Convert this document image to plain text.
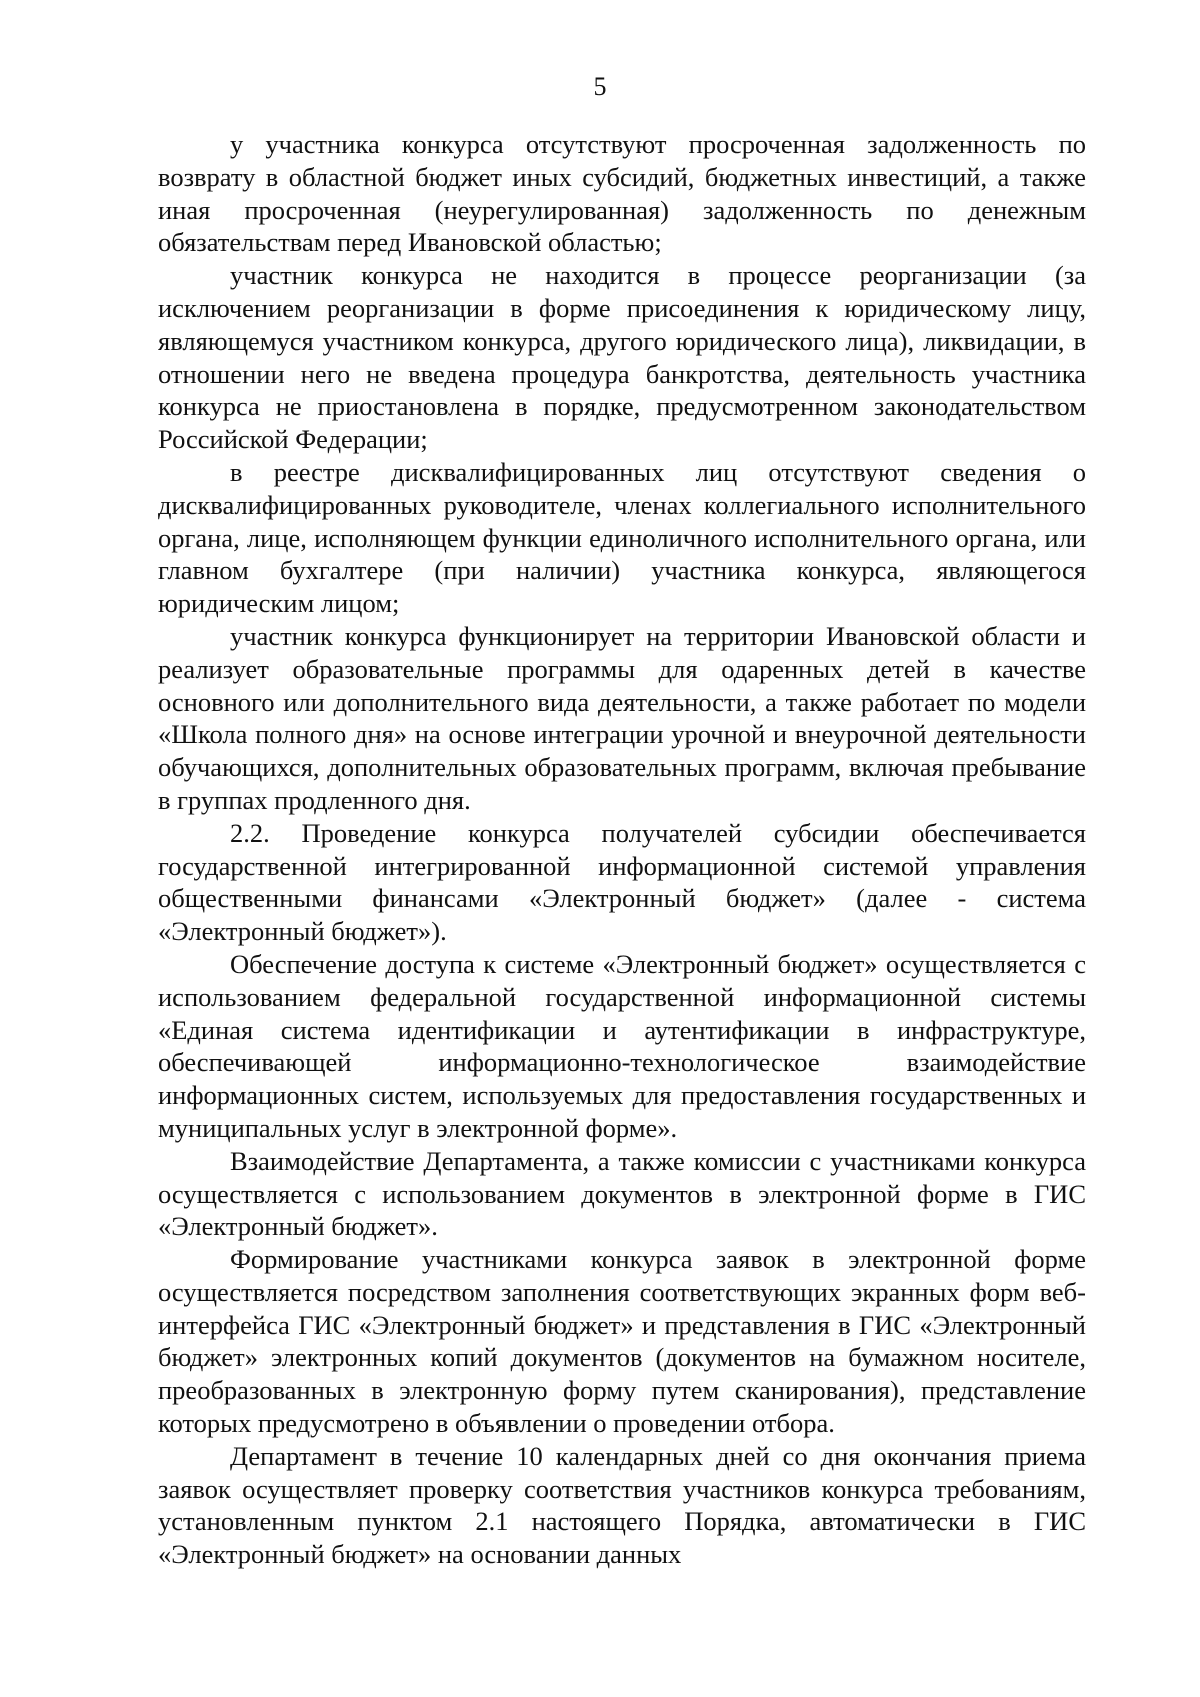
5

у участника конкурса отсутствуют просроченная задолженность по возврату в областной бюджет иных субсидий, бюджетных инвестиций, а также иная просроченная (неурегулированная) задолженность по денежным обязательствам перед Ивановской областью;

участник конкурса не находится в процессе реорганизации (за исключением реорганизации в форме присоединения к юридическому лицу, являющемуся участником конкурса, другого юридического лица), ликвидации, в отношении него не введена процедура банкротства, деятельность участника конкурса не приостановлена в порядке, предусмотренном законодательством Российской Федерации;

в реестре дисквалифицированных лиц отсутствуют сведения о дисквалифицированных руководителе, членах коллегиального исполнительного органа, лице, исполняющем функции единоличного исполнительного органа, или главном бухгалтере (при наличии) участника конкурса, являющегося юридическим лицом;

участник конкурса функционирует на территории Ивановской области и реализует образовательные программы для одаренных детей в качестве основного или дополнительного вида деятельности, а также работает по модели «Школа полного дня» на основе интеграции урочной и внеурочной деятельности обучающихся, дополнительных образовательных программ, включая пребывание в группах продленного дня.

2.2. Проведение конкурса получателей субсидии обеспечивается государственной интегрированной информационной системой управления общественными финансами «Электронный бюджет» (далее - система «Электронный бюджет»).

Обеспечение доступа к системе «Электронный бюджет» осуществляется с использованием федеральной государственной информационной системы «Единая система идентификации и аутентификации в инфраструктуре, обеспечивающей информационно-технологическое взаимодействие информационных систем, используемых для предоставления государственных и муниципальных услуг в электронной форме».

Взаимодействие Департамента, а также комиссии с участниками конкурса осуществляется с использованием документов в электронной форме в ГИС «Электронный бюджет».

Формирование участниками конкурса заявок в электронной форме осуществляется посредством заполнения соответствующих экранных форм веб-интерфейса ГИС «Электронный бюджет» и представления в ГИС «Электронный бюджет» электронных копий документов (документов на бумажном носителе, преобразованных в электронную форму путем сканирования), представление которых предусмотрено в объявлении о проведении отбора.

Департамент в течение 10 календарных дней со дня окончания приема заявок осуществляет проверку соответствия участников конкурса требованиям, установленным пунктом 2.1 настоящего Порядка, автоматически в ГИС «Электронный бюджет» на основании данных
